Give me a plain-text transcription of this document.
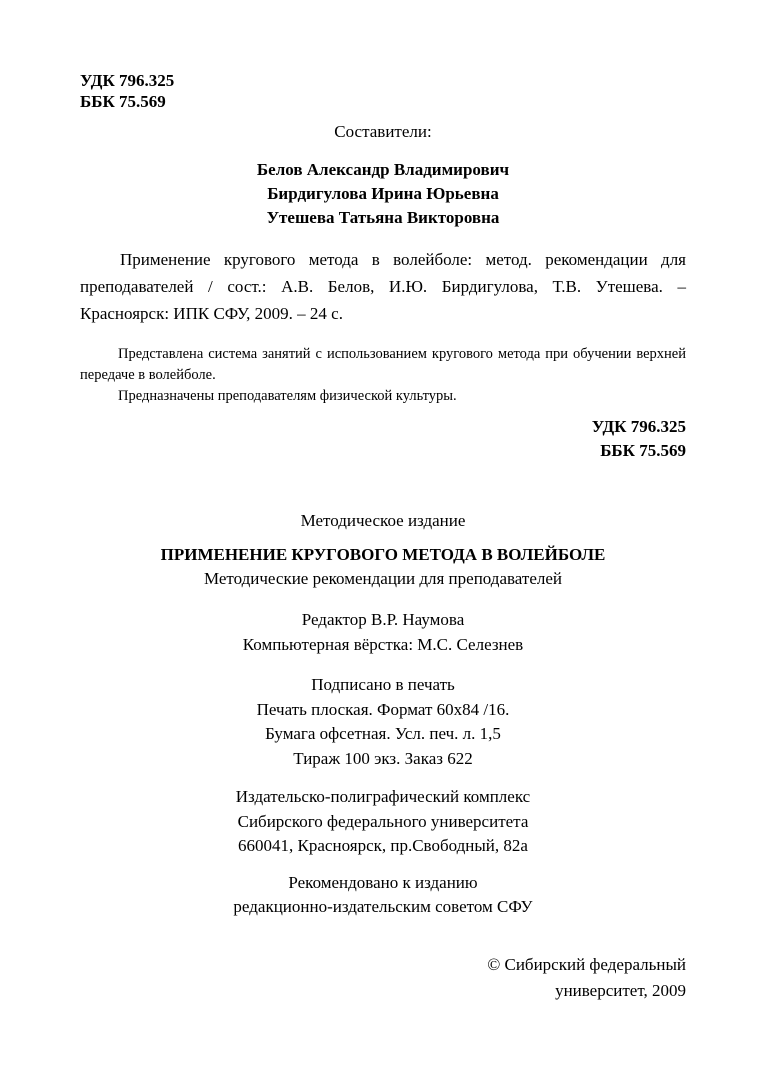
УДК 796.325
ББК 75.569
Составители:
Белов Александр Владимирович
Бирдигулова Ирина Юрьевна
Утешева Татьяна Викторовна

Применение кругового метода в волейболе: метод. рекомендации для преподавателей / сост.: А.В. Белов, И.Ю. Бирдигулова, Т.В. Утешева. – Красноярск: ИПК СФУ, 2009. – 24 с.

Представлена система занятий с использованием кругового метода при обучении верхней передаче в волейболе.

Предназначены преподавателям физической культуры.

УДК 796.325
ББК 75.569
Методическое издание
ПРИМЕНЕНИЕ КРУГОВОГО МЕТОДА В ВОЛЕЙБОЛЕ
Методические рекомендации для преподавателей
Редактор В.Р. Наумова
Компьютерная вёрстка: М.С. Селезнев
Подписано в печать
Печать плоская. Формат 60х84 /16.
Бумага офсетная. Усл. печ. л. 1,5
Тираж 100 экз. Заказ 622
Издательско-полиграфический комплекс
Сибирского федерального университета
660041, Красноярск, пр.Свободный, 82а
Рекомендовано к изданию
редакционно-издательским советом СФУ
© Сибирский федеральный
университет, 2009
